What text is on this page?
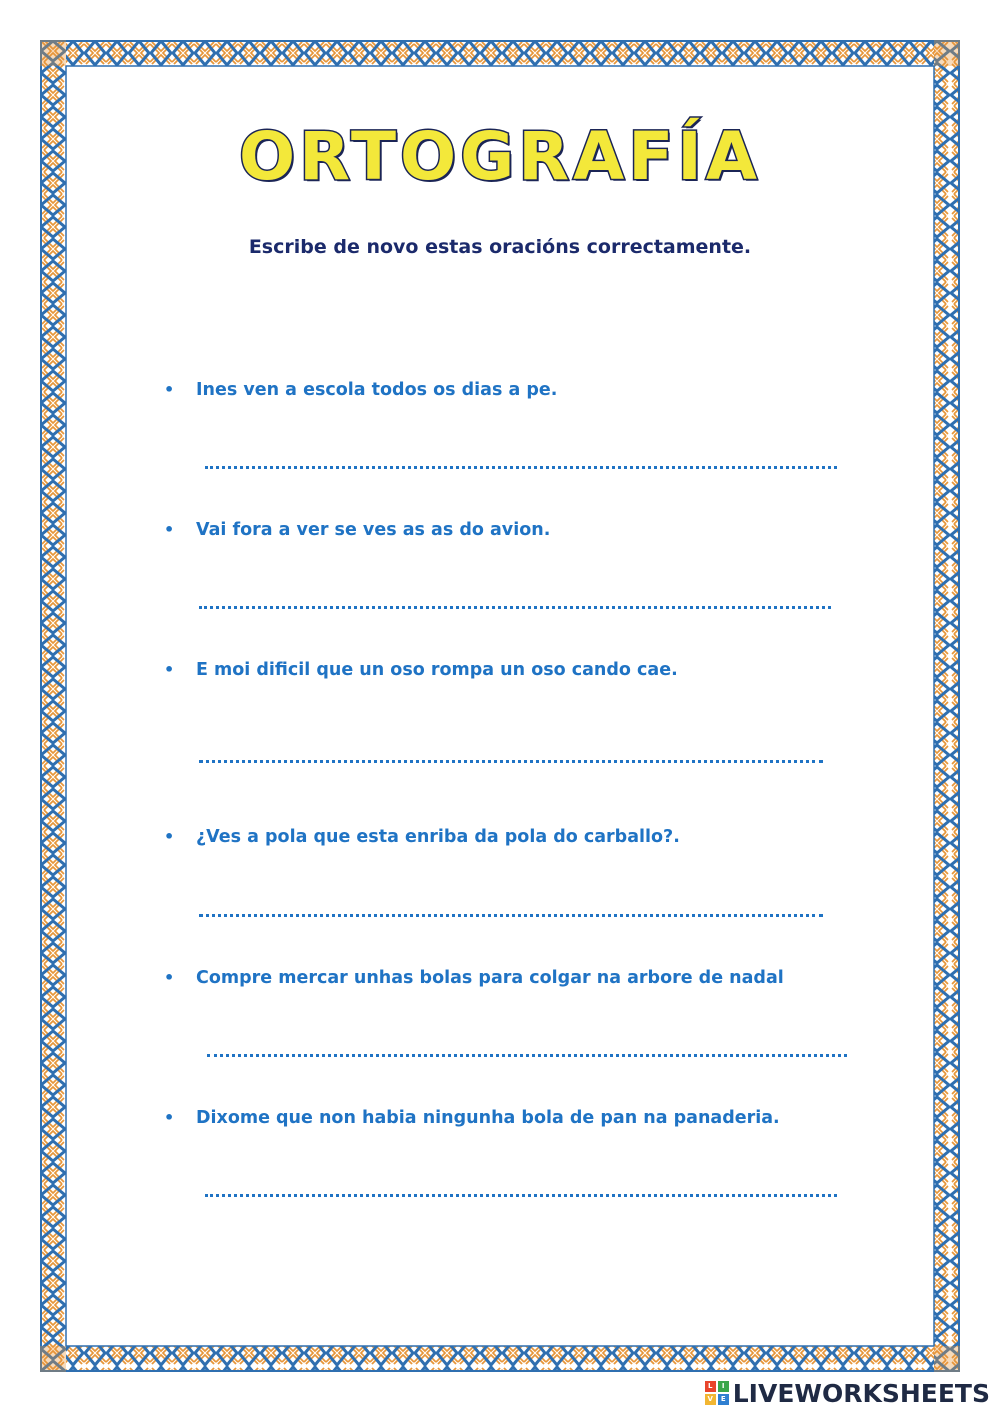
ORTOGRAFÍA
Escribe de novo estas oracións correctamente.
•	Ines ven a escola todos os dias a pe.
•	Vai fora a ver se ves as as do avion.
•	E moi dificil que un oso rompa un oso cando cae.
•	¿Ves a pola que esta enriba da pola do carballo?.
•	Compre mercar unhas bolas para colgar na arbore de nadal
•	Dixome que non habia ningunha bola de pan na panaderia.
L	I
V	E LIVEWORKSHEETS
